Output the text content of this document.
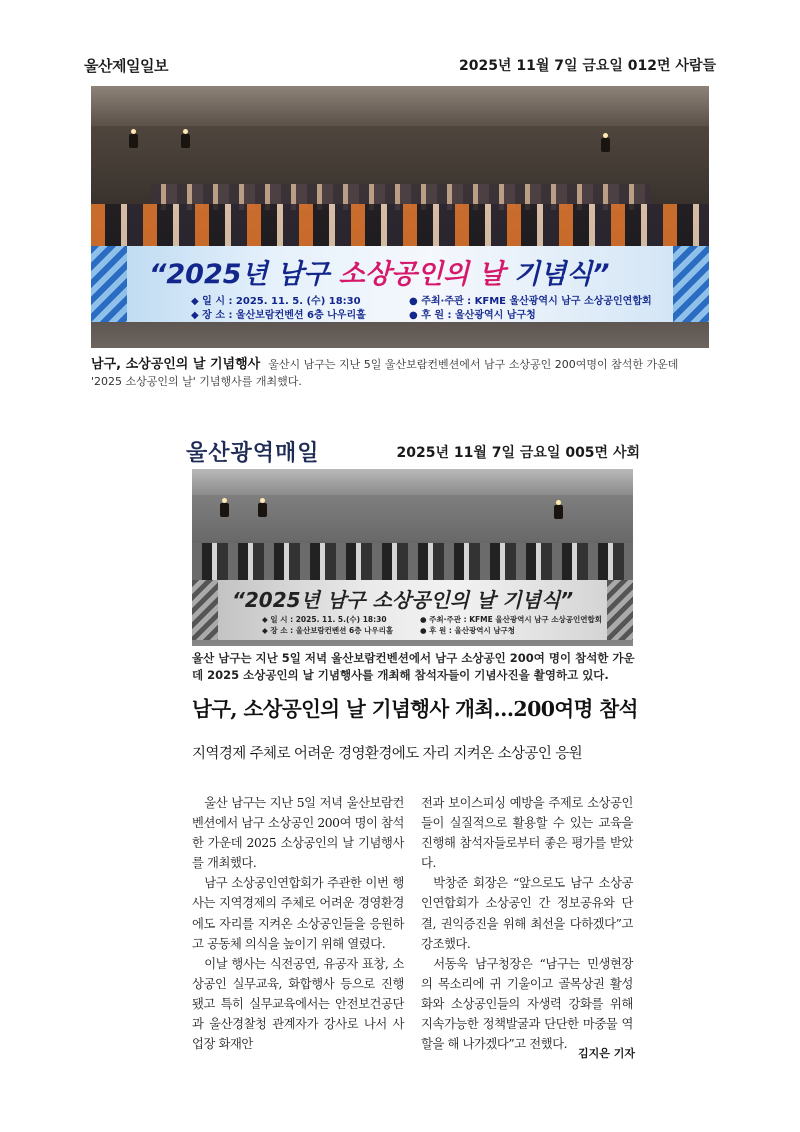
울산제일일보	2025년 11월 7일 금요일 012면 사람들
“2025년 남구 소상공인의 날 기념식”
◆ 일 시 : 2025. 11. 5. (수) 18:30
◆ 장 소 : 울산보람컨벤션 6층 나우리홀
● 주최·주관 : KFME 울산광역시 남구 소상공인연합회
● 후 원 : 울산광역시 남구청
남구, 소상공인의 날 기념행사 울산시 남구는 지난 5일 울산보람컨벤션에서 남구 소상공인 200여명이 참석한 가운데 '2025 소상공인의 날' 기념행사를 개최했다.
울산광역매일	2025년 11월 7일 금요일 005면 사회
“2025년 남구 소상공인의 날 기념식”
◆ 일 시 : 2025. 11. 5.(수) 18:30
◆ 장 소 : 울산보람컨벤션 6층 나우리홀
● 주최·주관 : KFME 울산광역시 남구 소상공인연합회
● 후 원 : 울산광역시 남구청
울산 남구는 지난 5일 저녁 울산보람컨벤션에서 남구 소상공인 200여 명이 참석한 가운데 2025 소상공인의 날 기념행사를 개최해 참석자들이 기념사진을 촬영하고 있다.
남구, 소상공인의 날 기념행사 개최…200여명 참석
지역경제 주체로 어려운 경영환경에도 자리 지켜온 소상공인 응원

울산 남구는 지난 5일 저녁 울산보람컨벤션에서 남구 소상공인 200여 명이 참석한 가운데 2025 소상공인의 날 기념행사를 개최했다.

남구 소상공인연합회가 주관한 이번 행사는 지역경제의 주체로 어려운 경영환경에도 자리를 지켜온 소상공인들을 응원하고 공동체 의식을 높이기 위해 열렸다.

이날 행사는 식전공연, 유공자 표창, 소상공인 실무교육, 화합행사 등으로 진행됐고 특히 실무교육에서는 안전보건공단과 울산경찰청 관계자가 강사로 나서 사업장 화재안

전과 보이스피싱 예방을 주제로 소상공인들이 실질적으로 활용할 수 있는 교육을 진행해 참석자들로부터 좋은 평가를 받았다.

박창준 회장은 “앞으로도 남구 소상공인연합회가 소상공인 간 정보공유와 단결, 권익증진을 위해 최선을 다하겠다”고 강조했다.

서동욱 남구청장은 “남구는 민생현장의 목소리에 귀 기울이고 골목상권 활성화와 소상공인들의 자생력 강화를 위해 지속가능한 정책발굴과 단단한 마중물 역할을 해 나가겠다”고 전했다.

김지은 기자
